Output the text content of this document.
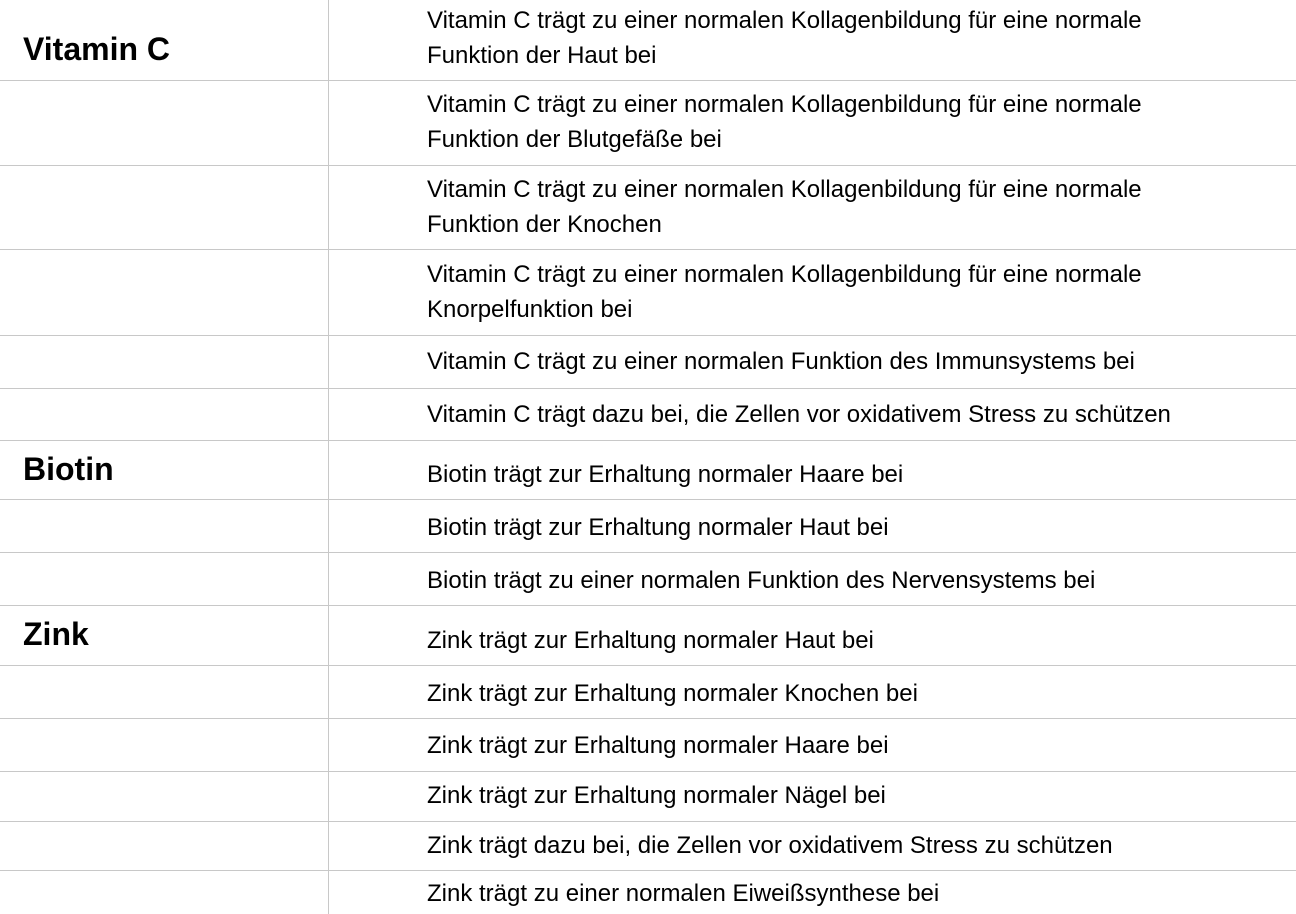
Vitamin C
Biotin
Zink
Vitamin C trägt zu einer normalen Kollagenbildung für eine normale
Funktion der Haut bei
Vitamin C trägt zu einer normalen Kollagenbildung für eine normale
Funktion der Blutgefäße bei
Vitamin C trägt zu einer normalen Kollagenbildung für eine normale
Funktion der Knochen
Vitamin C trägt zu einer normalen Kollagenbildung für eine normale
Knorpelfunktion bei
Vitamin C trägt zu einer normalen Funktion des Immunsystems bei
Vitamin C trägt dazu bei, die Zellen vor oxidativem Stress zu schützen
Biotin trägt zur Erhaltung normaler Haare bei
Biotin trägt zur Erhaltung normaler Haut bei
Biotin trägt zu einer normalen Funktion des Nervensystems bei
Zink trägt zur Erhaltung normaler Haut bei
Zink trägt zur Erhaltung normaler Knochen bei
Zink trägt zur Erhaltung normaler Haare bei
Zink trägt zur Erhaltung normaler Nägel bei
Zink trägt dazu bei, die Zellen vor oxidativem Stress zu schützen
Zink trägt zu einer normalen Eiweißsynthese bei
